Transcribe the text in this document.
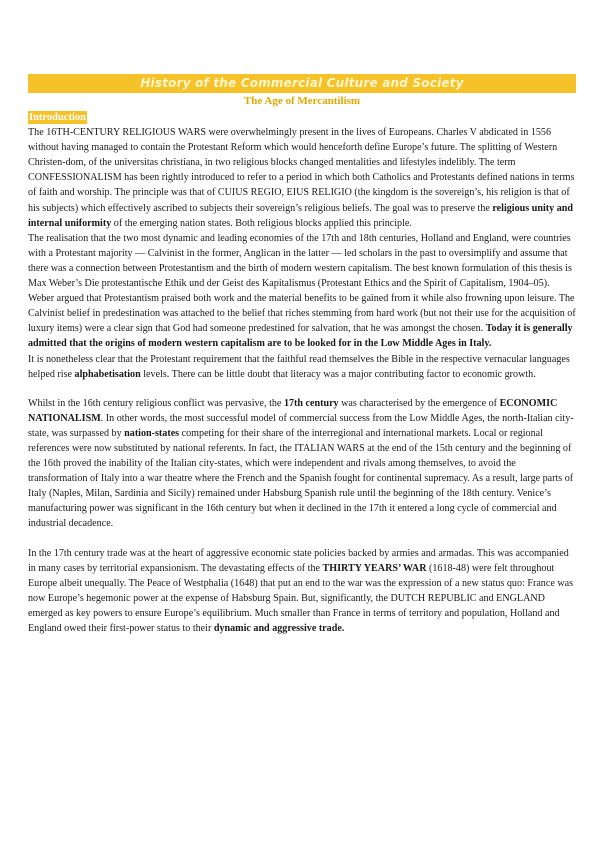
History of the Commercial Culture and Society
The Age of Mercantilism
Introduction

The 16TH-CENTURY RELIGIOUS WARS were overwhelmingly present in the lives of Europeans. Charles V abdicated in 1556 without having managed to contain the Protestant Reform which would henceforth define Europe’s future. The splitting of Western Christen-dom, of the universitas christiana, in two religious blocks changed mentalities and lifestyles indelibly. The term CONFESSIONALISM has been rightly introduced to refer to a period in which both Catholics and Protestants defined nations in terms of faith and worship. The principle was that of CUIUS REGIO, EIUS RELIGIO (the kingdom is the sovereign’s, his religion is that of his subjects) which effectively ascribed to subjects their sovereign’s religious beliefs. The goal was to preserve the religious unity and internal uniformity of the emerging nation states. Both religious blocks applied this principle.

The realisation that the two most dynamic and leading economies of the 17th and 18th centuries, Holland and England, were countries with a Protestant majority — Calvinist in the former, Anglican in the latter — led scholars in the past to oversimplify and assume that there was a connection between Protestantism and the birth of modern western capitalism. The best known formulation of this thesis is Max Weber’s Die protestantische Ethik und der Geist des Kapitalismus (Protestant Ethics and the Spirit of Capitalism, 1904–05).

Weber argued that Protestantism praised both work and the material benefits to be gained from it while also frowning upon leisure. The Calvinist belief in predestination was attached to the belief that riches stemming from hard work (but not their use for the acquisition of luxury items) were a clear sign that God had someone predestined for salvation, that he was amongst the chosen. Today it is generally admitted that the origins of modern western capitalism are to be looked for in the Low Middle Ages in Italy.

It is nonetheless clear that the Protestant requirement that the faithful read themselves the Bible in the respective vernacular languages helped rise alphabetisation levels. There can be little doubt that literacy was a major contributing factor to economic growth.

Whilst in the 16th century religious conflict was pervasive, the 17th century was characterised by the emergence of ECONOMIC NATIONALISM. In other words, the most successful model of commercial success from the Low Middle Ages, the north-Italian city-state, was surpassed by nation-states competing for their share of the interregional and international markets. Local or regional references were now substituted by national referents. In fact, the ITALIAN WARS at the end of the 15th century and the beginning of the 16th proved the inability of the Italian city-states, which were independent and rivals among themselves, to avoid the transformation of Italy into a war theatre where the French and the Spanish fought for continental supremacy. As a result, large parts of Italy (Naples, Milan, Sardinia and Sicily) remained under Habsburg Spanish rule until the beginning of the 18th century. Venice’s manufacturing power was significant in the 16th century but when it declined in the 17th it entered a long cycle of commercial and industrial decadence.

In the 17th century trade was at the heart of aggressive economic state policies backed by armies and armadas. This was accompanied in many cases by territorial expansionism. The devastating effects of the THIRTY YEARS’ WAR (1618-48) were felt throughout Europe albeit unequally. The Peace of Westphalia (1648) that put an end to the war was the expression of a new status quo: France was now Europe’s hegemonic power at the expense of Habsburg Spain. But, significantly, the DUTCH REPUBLIC and ENGLAND emerged as key powers to ensure Europe’s equilibrium. Much smaller than France in terms of territory and population, Holland and England owed their first-power status to their dynamic and aggressive trade.
